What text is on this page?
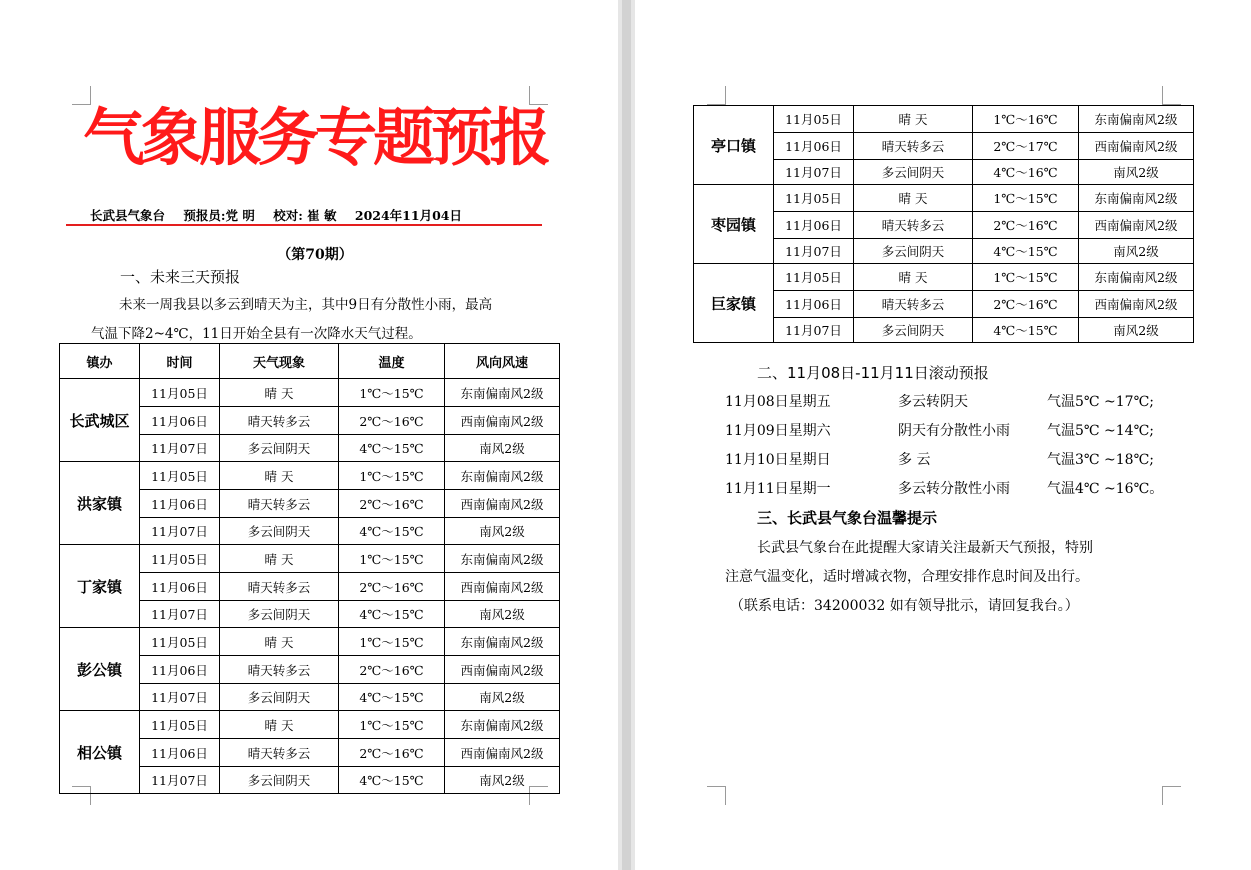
气象服务专题预报
长武县气象台 预报员:党 明 校对: 崔 敏 2024年11月04日
（第70期）
一、未来三天预报
未来一周我县以多云到晴天为主，其中9日有分散性小雨，最高
气温下降2~4℃，11日开始全县有一次降水天气过程。
镇办	时间	天气现象	温度	风向风速
长武城区	11月05日	晴 天	1℃～15℃	东南偏南风2级
	11月06日	晴天转多云	2℃～16℃	西南偏南风2级
	11月07日	多云间阴天	4℃～15℃	南风2级
洪家镇	11月05日	晴 天	1℃～15℃	东南偏南风2级
	11月06日	晴天转多云	2℃～16℃	西南偏南风2级
	11月07日	多云间阴天	4℃～15℃	南风2级
丁家镇	11月05日	晴 天	1℃～15℃	东南偏南风2级
	11月06日	晴天转多云	2℃～16℃	西南偏南风2级
	11月07日	多云间阴天	4℃～15℃	南风2级
彭公镇	11月05日	晴 天	1℃～15℃	东南偏南风2级
	11月06日	晴天转多云	2℃～16℃	西南偏南风2级
	11月07日	多云间阴天	4℃～15℃	南风2级
相公镇	11月05日	晴 天	1℃～15℃	东南偏南风2级
	11月06日	晴天转多云	2℃～16℃	西南偏南风2级
	11月07日	多云间阴天	4℃～15℃	南风2级
亭口镇	11月05日	晴 天	1℃～16℃	东南偏南风2级
	11月06日	晴天转多云	2℃～17℃	西南偏南风2级
	11月07日	多云间阴天	4℃～16℃	南风2级
枣园镇	11月05日	晴 天	1℃～15℃	东南偏南风2级
	11月06日	晴天转多云	2℃～16℃	西南偏南风2级
	11月07日	多云间阴天	4℃～15℃	南风2级
巨家镇	11月05日	晴 天	1℃～15℃	东南偏南风2级
	11月06日	晴天转多云	2℃～16℃	西南偏南风2级
	11月07日	多云间阴天	4℃～15℃	南风2级
二、11月08日-11月11日滚动预报
11月08日星期五	多云转阴天	气温5℃ ~17℃;
11月09日星期六	阴天有分散性小雨	气温5℃ ~14℃;
11月10日星期日	多 云	气温3℃ ~18℃;
11月11日星期一	多云转分散性小雨	气温4℃ ~16℃。
三、长武县气象台温馨提示
长武县气象台在此提醒大家请关注最新天气预报，特别
注意气温变化，适时增减衣物，合理安排作息时间及出行。
（联系电话：34200032 如有领导批示，请回复我台。）
